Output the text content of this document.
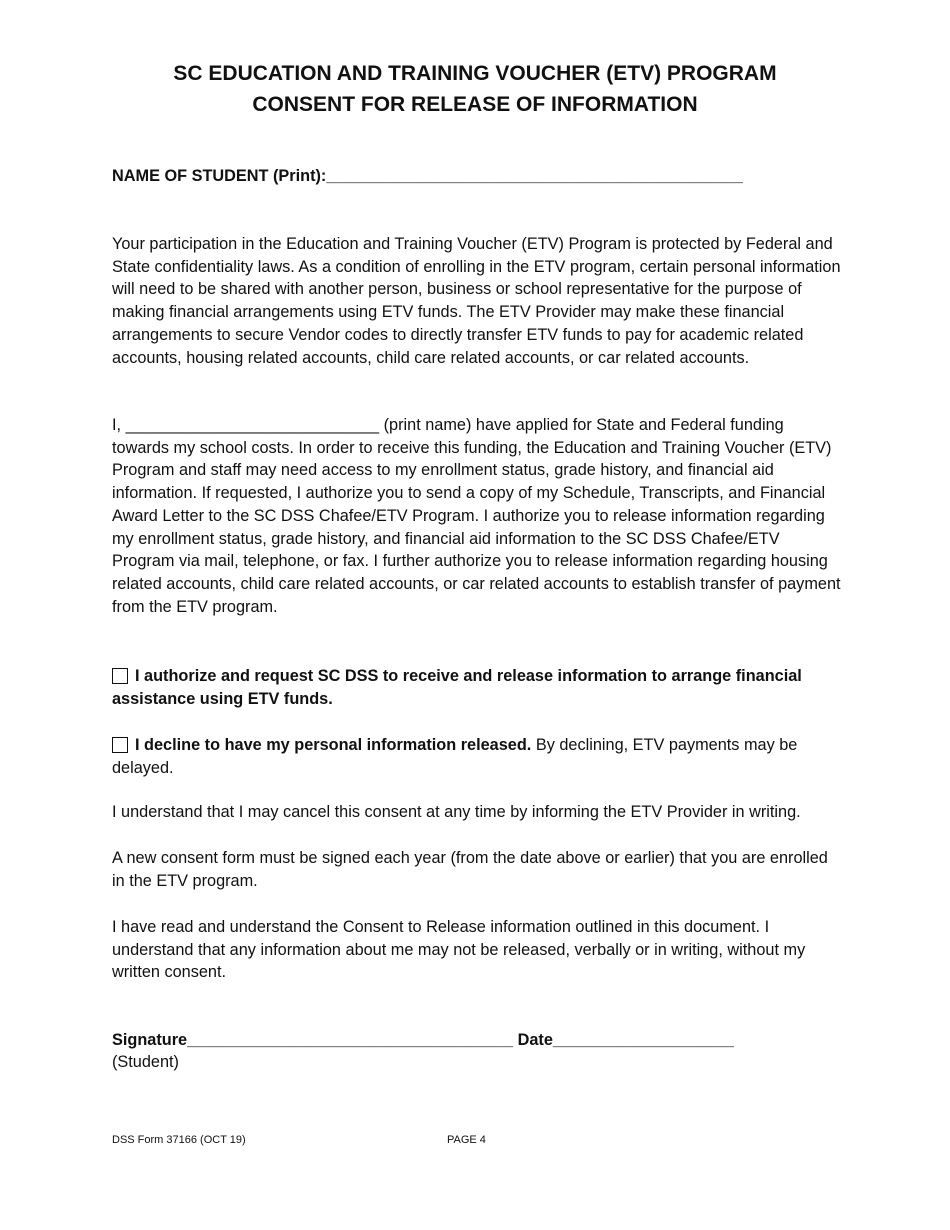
SC EDUCATION AND TRAINING VOUCHER (ETV) PROGRAM
CONSENT FOR RELEASE OF INFORMATION
NAME OF STUDENT (Print):______________________________________________
Your participation in the Education and Training Voucher (ETV) Program is protected by Federal and State confidentiality laws. As a condition of enrolling in the ETV program, certain personal information will need to be shared with another person, business or school representative for the purpose of making financial arrangements using ETV funds. The ETV Provider may make these financial arrangements to secure Vendor codes to directly transfer ETV funds to pay for academic related accounts, housing related accounts, child care related accounts, or car related accounts.
I, ____________________________ (print name) have applied for State and Federal funding towards my school costs. In order to receive this funding, the Education and Training Voucher (ETV) Program and staff may need access to my enrollment status, grade history, and financial aid information. If requested, I authorize you to send a copy of my Schedule, Transcripts, and Financial Award Letter to the SC DSS Chafee/ETV Program. I authorize you to release information regarding my enrollment status, grade history, and financial aid information to the SC DSS Chafee/ETV Program via mail, telephone, or fax. I further authorize you to release information regarding housing related accounts, child care related accounts, or car related accounts to establish transfer of payment from the ETV program.
I authorize and request SC DSS to receive and release information to arrange financial assistance using ETV funds.
I decline to have my personal information released. By declining, ETV payments may be delayed.
I understand that I may cancel this consent at any time by informing the ETV Provider in writing.
A new consent form must be signed each year (from the date above or earlier) that you are enrolled in the ETV program.
I have read and understand the Consent to Release information outlined in this document. I understand that any information about me may not be released, verbally or in writing, without my written consent.
Signature____________________________________ Date____________________
(Student)
DSS Form 37166 (OCT 19)	PAGE 4
